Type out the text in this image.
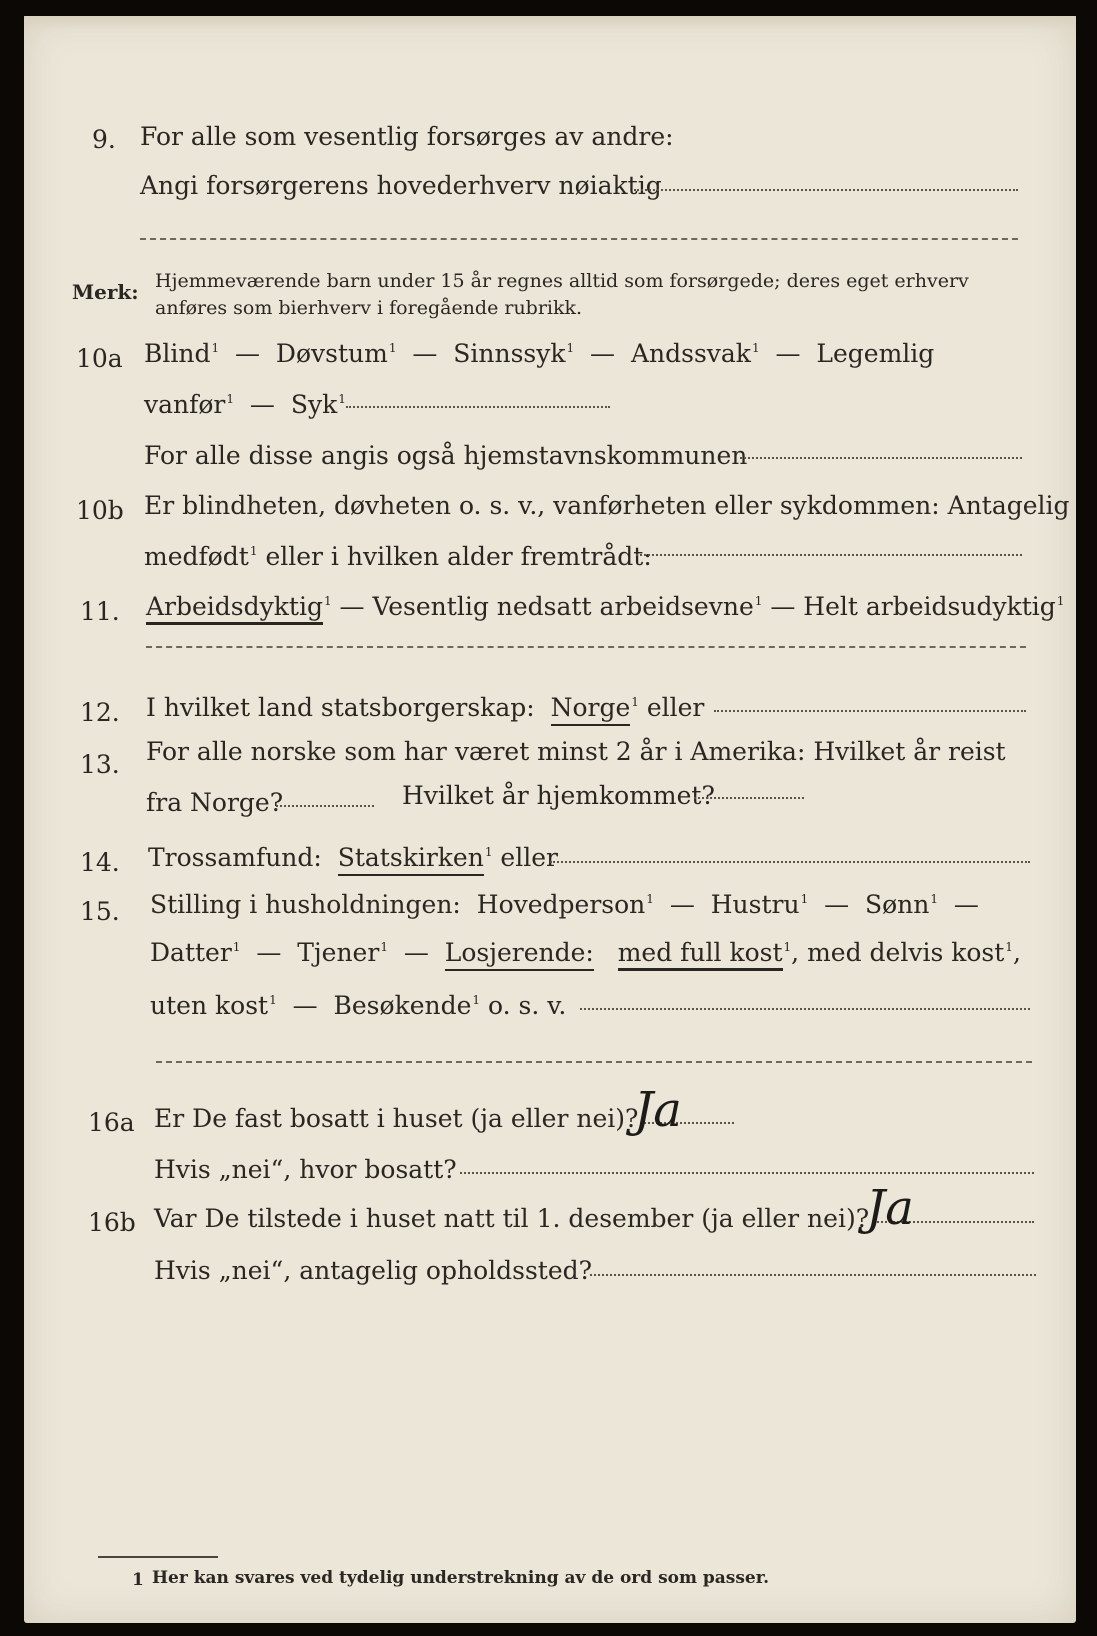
9. For alle som vesentlig forsørges av andre:
Angi forsørgerens hovederhverv nøiaktig
Merk: Hjemmeværende barn under 15 år regnes alltid som forsørgede; deres eget erhverv
anføres som bierhverv i foregående rubrikk.
10a Blind$^1$  —  Døvstum$^1$  —  Sinnssyk$^1$  —  Andssvak$^1$  —  Legemlig
vanfør$^1$  —  Syk$^1$
For alle disse angis også hjemstavnskommunen
10b Er blindheten, døvheten o. s. v., vanførheten eller sykdommen: Antagelig
medfødt$^1$ eller i hvilken alder fremtrådt:
11. Arbeidsdyktig$^1$ — Vesentlig nedsatt arbeidsevne$^1$ — Helt arbeidsudyktig$^1$
12. I hvilket land statsborgerskap: Norge$^1$ eller
13. For alle norske som har været minst 2 år i Amerika: Hvilket år reist
fra Norge?	Hvilket år hjemkommet?
14. Trossamfund: Statskirken$^1$ eller
15. Stilling i husholdningen: Hovedperson$^1$  —  Hustru$^1$  —  Sønn$^1$  —
Datter$^1$  —  Tjener$^1$  —  Losjerende: med full kost$^1$, med delvis kost$^1$,
uten kost$^1$  —  Besøkende$^1$ o. s. v.
16a Er De fast bosatt i huset (ja eller nei)?
Ja
Hvis „nei“, hvor bosatt?
16b Var De tilstede i huset natt til 1. desember (ja eller nei)?
Ja
Hvis „nei“, antagelig opholdssted?
1 Her kan svares ved tydelig understrekning av de ord som passer.
